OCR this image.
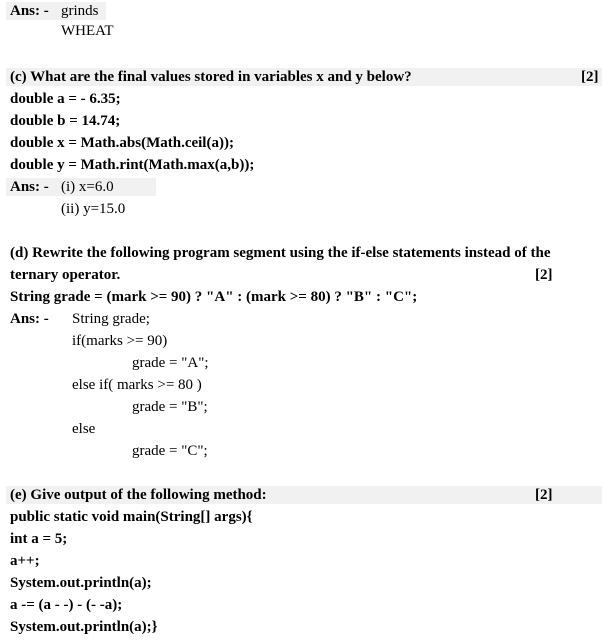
Ans: - grinds
WHEAT
(c) What are the final values stored in variables x and y below?	[2]
double a = - 6.35;
double b = 14.74;
double x = Math.abs(Math.ceil(a));
double y = Math.rint(Math.max(a,b));
Ans: - (i) x=6.0
(ii) y=15.0
(d) Rewrite the following program segment using the if-else statements instead of the
ternary operator.	[2]
String grade = (mark >= 90) ? "A" : (mark >= 80) ? "B" : "C";
Ans: - String grade;
if(marks >= 90)
grade = "A";
else if( marks >= 80 )
grade = "B";
else
grade = "C";
(e) Give output of the following method:	[2]
public static void main(String[] args){
int a = 5;
a++;
System.out.println(a);
a -= (a - -) - (- -a);
System.out.println(a);}
